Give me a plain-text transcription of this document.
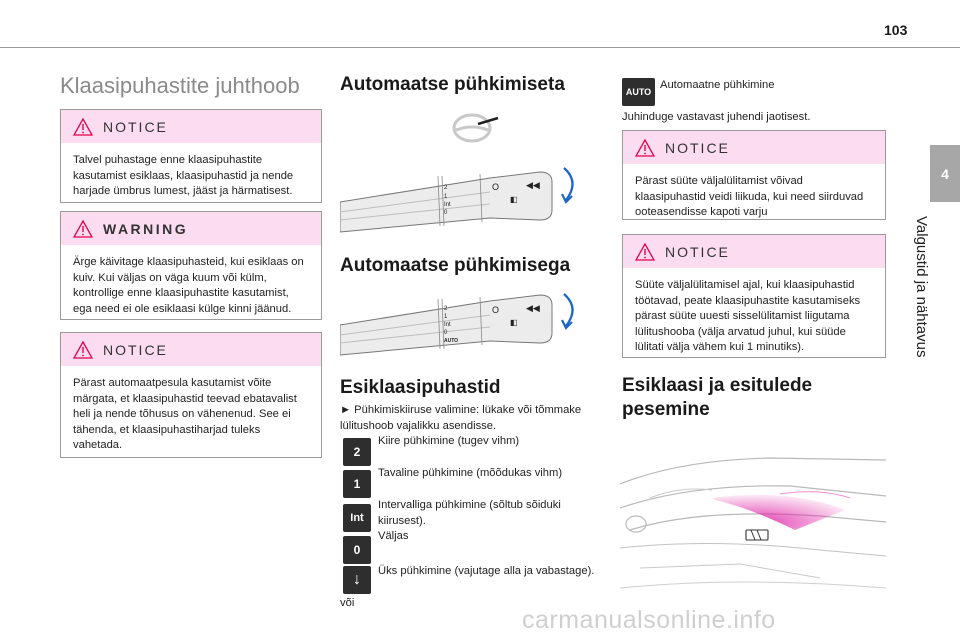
103
4
Valgustid ja nähtavus
Klaasipuhastite juhthoob
NOTICE
Talvel puhastage enne klaasipuhastite kasutamist esiklaas, klaasipuhastid ja nende harjade ümbrus lumest, jääst ja härmatisest.
WARNING
Ärge käivitage klaasipuhasteid, kui esiklaas on kuiv. Kui väljas on väga kuum või külm, kontrollige enne klaasipuhastite kasutamist, ega need ei ole esiklaasi külge kinni jäänud.
NOTICE
Pärast automaatpesula kasutamist võite märgata, et klaasipuhastid teevad ebatavalist heli ja nende tõhusus on vähenenud. See ei tähenda, et klaasipuhastiharjad tuleks vahetada.
Automaatse pühkimiseta
2
1
Int
0
O
◧
◀◀
Automaatse pühkimisega
2
1
Int
0
AUTO
O
◧
◀◀
Esiklaasipuhastid
► Pühkimiskiiruse valimine: lükake või tõmmake lülitushoob vajalikku asendisse.
2
Kiire pühkimine (tugev vihm)
1
Tavaline pühkimine (mõõdukas vihm)
Int
Intervalliga pühkimine (sõltub sõiduki kiirusest).
0
Väljas
↓	Üks pühkimine (vajutage alla ja vabastage).
või
AUTO
Automaatne pühkimine
Juhinduge vastavast juhendi jaotisest.
NOTICE
Pärast süüte väljalülitamist võivad klaasipuhastid veidi liikuda, kui need siirduvad ooteasendisse kapoti varju
NOTICE
Süüte väljalülitamisel ajal, kui klaasipuhastid töötavad, peate klaasipuhastite kasutamiseks pärast süüte uuesti sisselülitamist liigutama lülitushooba (välja arvatud juhul, kui süüde lülitati välja vähem kui 1 minutiks).
Esiklaasi ja esitulede pesemine
carmanualsonline.info
